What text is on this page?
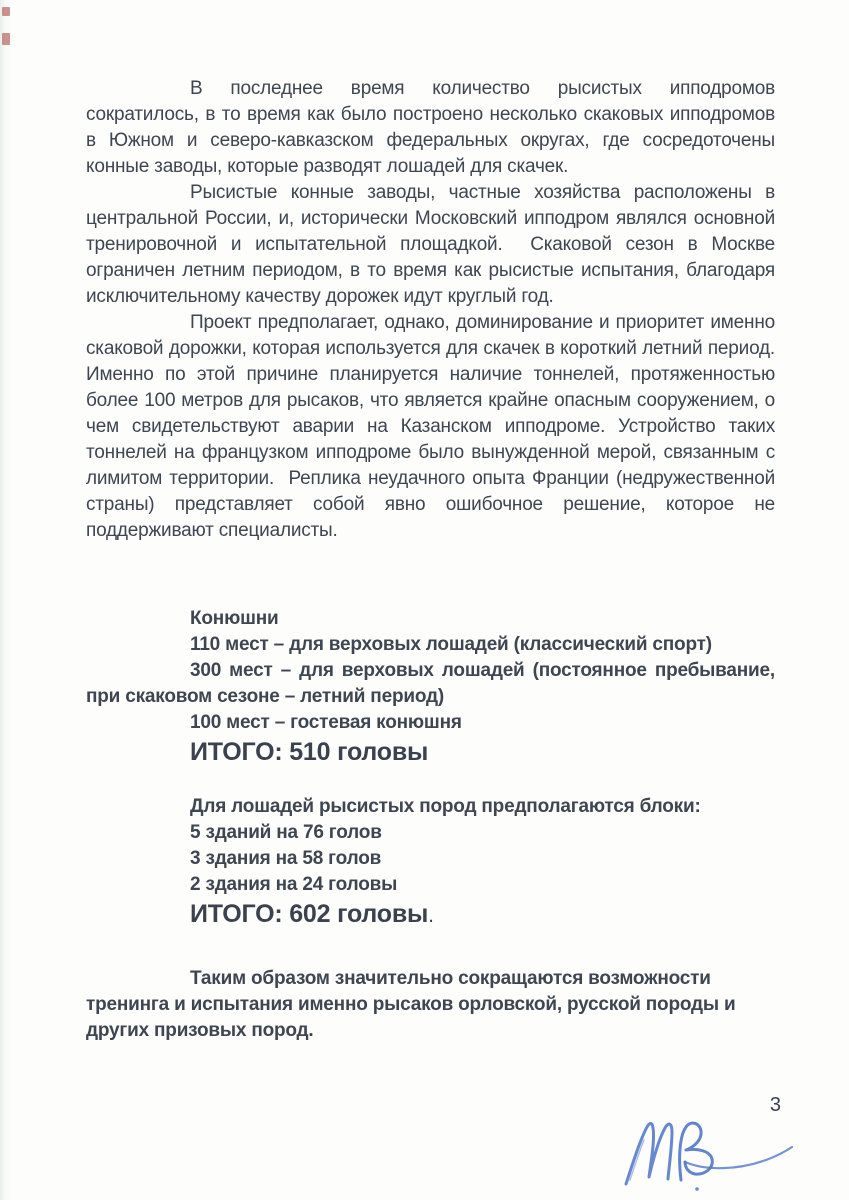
В последнее время количество рысистых ипподромов сократилось, в то время как было построено несколько скаковых ипподромов в Южном и северо-кавказском федеральных округах, где сосредоточены конные заводы, которые разводят лошадей для скачек.

Рысистые конные заводы, частные хозяйства расположены в центральной России, и, исторически Московский ипподром являлся основной тренировочной и испытательной площадкой.  Скаковой сезон в Москве ограничен летним периодом, в то время как рысистые испытания, благодаря исключительному качеству дорожек идут круглый год.

Проект предполагает, однако, доминирование и приоритет именно скаковой дорожки, которая используется для скачек в короткий летний период.  Именно по этой причине планируется наличие тоннелей, протяженностью более 100 метров для рысаков, что является крайне опасным сооружением, о чем свидетельствуют аварии на Казанском ипподроме. Устройство таких тоннелей на французком ипподроме было вынужденной мерой, связанным с лимитом территории.  Реплика неудачного опыта Франции (недружественной страны) представляет собой явно ошибочное решение, которое не поддерживают специалисты.

Конюшни
110 мест – для верховых лошадей (классический спорт)
300 мест – для верховых лошадей (постоянное пребывание, при скаковом сезоне – летний период)
100 мест – гостевая конюшня
ИТОГО: 510 головы
Для лошадей рысистых пород предполагаются блоки:
5 зданий на 76 голов
3 здания на 58 голов
2 здания на 24 головы
ИТОГО: 602 головы.

Таким образом значительно сокращаются возможности тренинга и испытания именно рысаков орловской, русской породы и других призовых пород.

3
